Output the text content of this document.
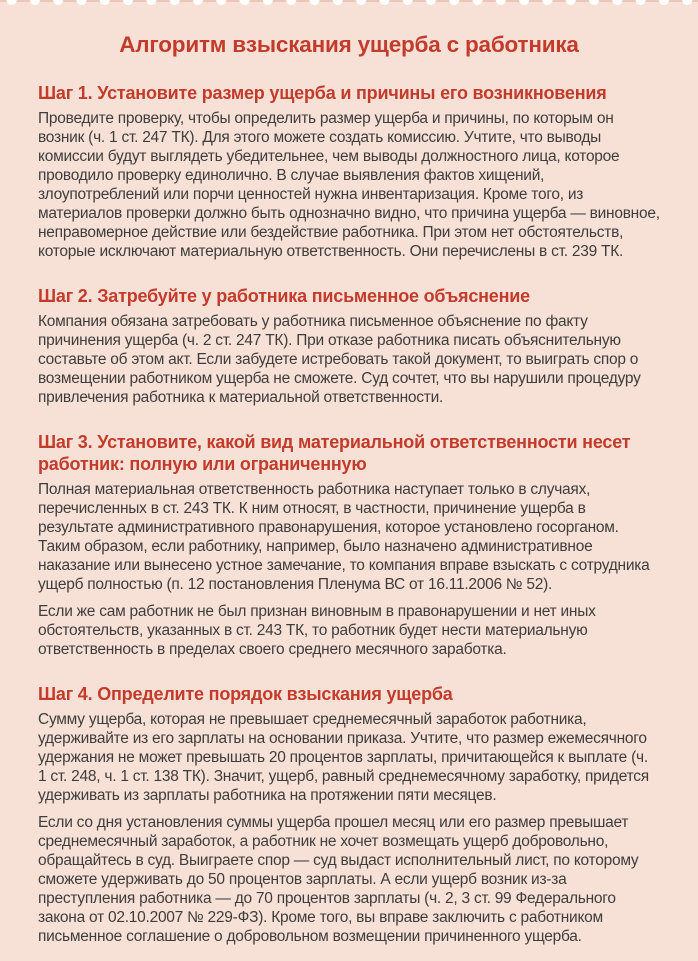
Алгоритм взыскания ущерба с работника
Шаг 1. Установите размер ущерба и причины его возникновения

Проведите проверку, чтобы определить размер ущерба и причины, по которым он возник (ч. 1 ст. 247 ТК). Для этого можете создать комиссию. Учтите, что выводы комиссии будут выглядеть убедительнее, чем выводы должностного лица, которое проводило проверку единолично. В случае выявления фактов хищений, злоупотреблений или порчи ценностей нужна инвентаризация. Кроме того, из материалов проверки должно быть однозначно видно, что причина ущерба — виновное, неправомерное действие или бездействие работника. При этом нет обстоятельств, которые исключают материальную ответственность. Они перечислены в ст. 239 ТК.

Шаг 2. Затребуйте у работника письменное объяснение

Компания обязана затребовать у работника письменное объяснение по факту причинения ущерба (ч. 2 ст. 247 ТК). При отказе работника писать объяснительную составьте об этом акт. Если забудете истребовать такой документ, то выиграть спор о возмещении работником ущерба не сможете. Суд сочтет, что вы нарушили процедуру привлечения работника к материальной ответственности.

Шаг 3. Установите, какой вид материальной ответственности несет работник: полную или ограниченную

Полная материальная ответственность работника наступает только в случаях, перечисленных в ст. 243 ТК. К ним относят, в частности, причинение ущерба в результате административного правонарушения, которое установлено госорганом. Таким образом, если работнику, например, было назначено административное наказание или вынесено устное замечание, то компания вправе взыскать с сотрудника ущерб полностью (п. 12 постановления Пленума ВС от 16.11.2006 № 52).

Если же сам работник не был признан виновным в правонарушении и нет иных обстоятельств, указанных в ст. 243 ТК, то работник будет нести материальную ответственность в пределах своего среднего месячного заработка.

Шаг 4. Определите порядок взыскания ущерба

Сумму ущерба, которая не превышает среднемесячный заработок работника, удерживайте из его зарплаты на основании приказа. Учтите, что размер ежемесячного удержания не может превышать 20 процентов зарплаты, причитающейся к выплате (ч. 1 ст. 248, ч. 1 ст. 138 ТК). Значит, ущерб, равный среднемесячному заработку, придется удерживать из зарплаты работника на протяжении пяти месяцев.

Если со дня установления суммы ущерба прошел месяц или его размер превышает среднемесячный заработок, а работник не хочет возмещать ущерб добровольно, обращайтесь в суд. Выиграете спор — суд выдаст исполнительный лист, по которому сможете удерживать до 50 процентов зарплаты. А если ущерб возник из-за преступления работника — до 70 процентов зарплаты (ч. 2, 3 ст. 99 Федерального закона от 02.10.2007 № 229-ФЗ). Кроме того, вы вправе заключить с работником письменное соглашение о добровольном возмещении причиненного ущерба.
